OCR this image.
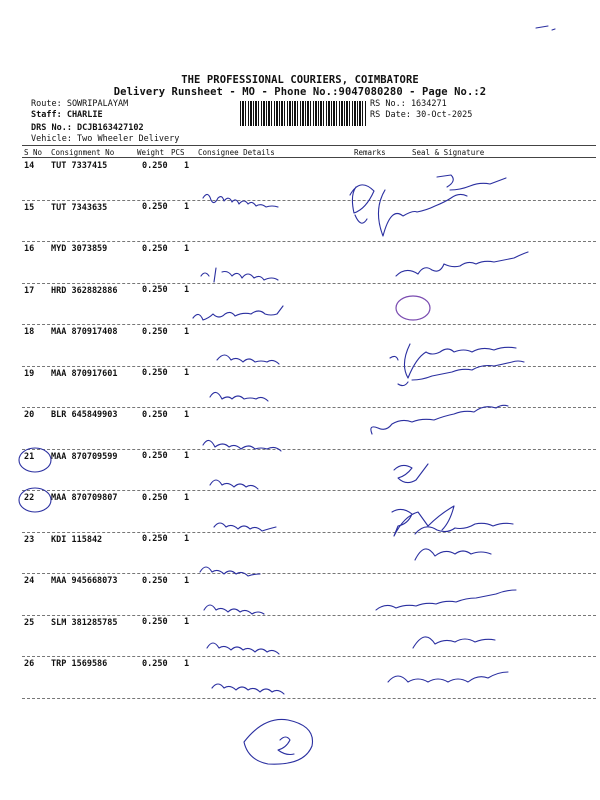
THE PROFESSIONAL COURIERS, COIMBATORE
Delivery Runsheet - MO - Phone No.:9047080280 - Page No.:2
Route: SOWRIPALAYAM
Staff: CHARLIE
DRS No.: DCJB163427102
Vehicle: Two Wheeler Delivery
RS No.: 1634271
RS Date: 30-Oct-2025
S No Consignment No	Weight PCS Consignee Details	Remarks	Seal & Signature
14 TUT 7337415	0.250 1
15 TUT 7343635	0.250 1
16 MYD 3073859	0.250 1
17 HRD 362882886	0.250 1
18 MAA 870917408	0.250 1
19 MAA 870917601	0.250 1
20 BLR 645849903	0.250 1
21 MAA 870709599	0.250 1
22 MAA 870709807	0.250 1
23 KDI 115842	0.250 1
24 MAA 945668073	0.250 1
25 SLM 381285785	0.250 1
26 TRP 1569586	0.250 1
